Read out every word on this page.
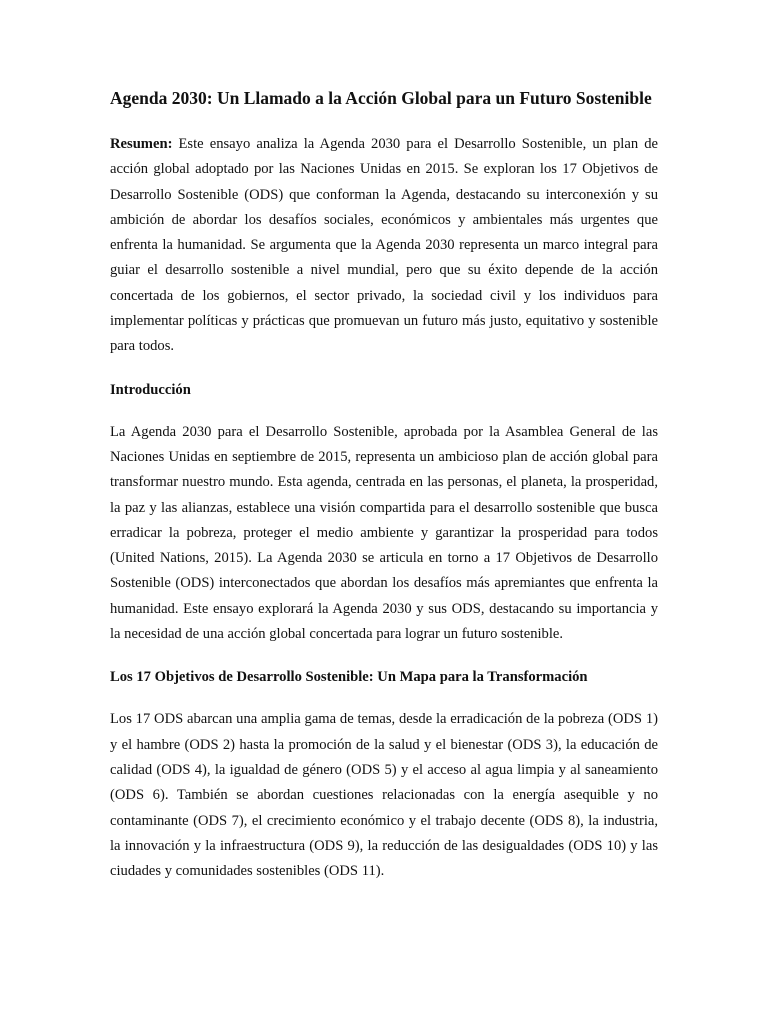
Agenda 2030: Un Llamado a la Acción Global para un Futuro Sostenible

Resumen: Este ensayo analiza la Agenda 2030 para el Desarrollo Sostenible, un plan de acción global adoptado por las Naciones Unidas en 2015. Se exploran los 17 Objetivos de Desarrollo Sostenible (ODS) que conforman la Agenda, destacando su interconexión y su ambición de abordar los desafíos sociales, económicos y ambientales más urgentes que enfrenta la humanidad. Se argumenta que la Agenda 2030 representa un marco integral para guiar el desarrollo sostenible a nivel mundial, pero que su éxito depende de la acción concertada de los gobiernos, el sector privado, la sociedad civil y los individuos para implementar políticas y prácticas que promuevan un futuro más justo, equitativo y sostenible para todos.

Introducción

La Agenda 2030 para el Desarrollo Sostenible, aprobada por la Asamblea General de las Naciones Unidas en septiembre de 2015, representa un ambicioso plan de acción global para transformar nuestro mundo. Esta agenda, centrada en las personas, el planeta, la prosperidad, la paz y las alianzas, establece una visión compartida para el desarrollo sostenible que busca erradicar la pobreza, proteger el medio ambiente y garantizar la prosperidad para todos (United Nations, 2015). La Agenda 2030 se articula en torno a 17 Objetivos de Desarrollo Sostenible (ODS) interconectados que abordan los desafíos más apremiantes que enfrenta la humanidad. Este ensayo explorará la Agenda 2030 y sus ODS, destacando su importancia y la necesidad de una acción global concertada para lograr un futuro sostenible.

Los 17 Objetivos de Desarrollo Sostenible: Un Mapa para la Transformación

Los 17 ODS abarcan una amplia gama de temas, desde la erradicación de la pobreza (ODS 1) y el hambre (ODS 2) hasta la promoción de la salud y el bienestar (ODS 3), la educación de calidad (ODS 4), la igualdad de género (ODS 5) y el acceso al agua limpia y al saneamiento (ODS 6). También se abordan cuestiones relacionadas con la energía asequible y no contaminante (ODS 7), el crecimiento económico y el trabajo decente (ODS 8), la industria, la innovación y la infraestructura (ODS 9), la reducción de las desigualdades (ODS 10) y las ciudades y comunidades sostenibles (ODS 11).
